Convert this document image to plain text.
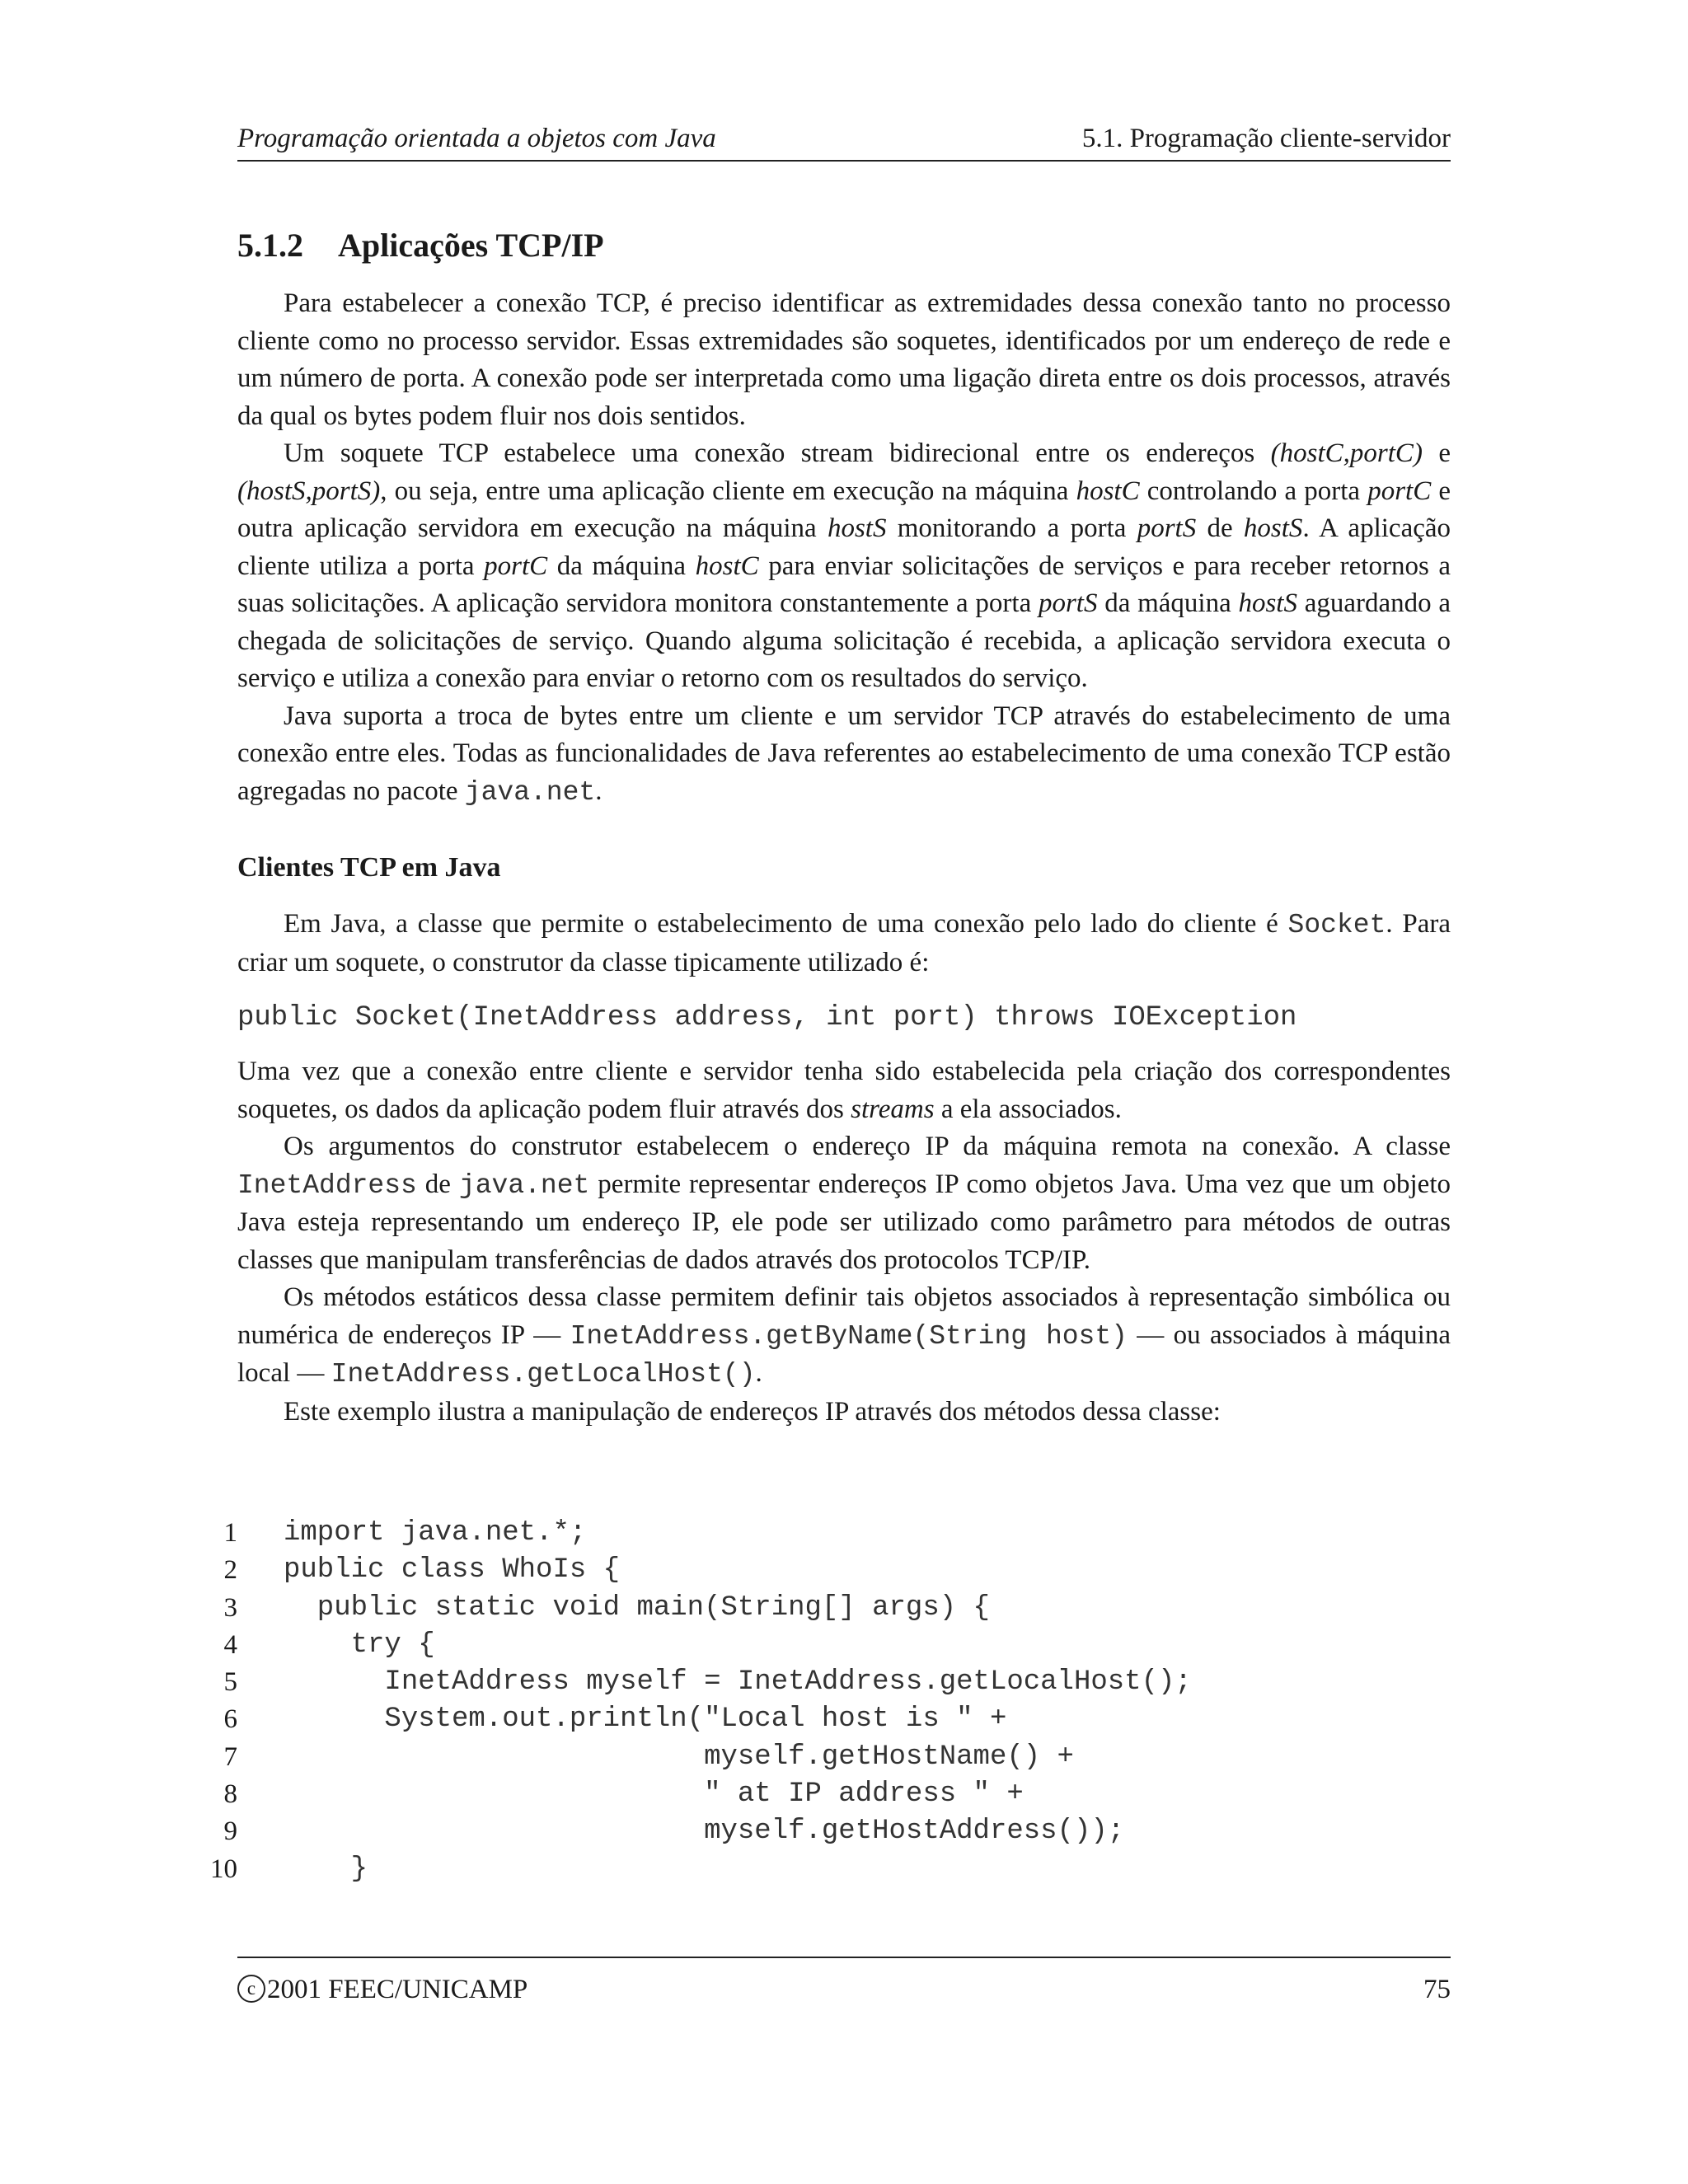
Programação orientada a objetos com Java	5.1. Programação cliente-servidor
5.1.2 Aplicações TCP/IP

Para estabelecer a conexão TCP, é preciso identificar as extremidades dessa conexão tanto no processo cliente como no processo servidor. Essas extremidades são soquetes, identificados por um endereço de rede e um número de porta. A conexão pode ser interpretada como uma ligação direta entre os dois processos, através da qual os bytes podem fluir nos dois sentidos.

Um soquete TCP estabelece uma conexão stream bidirecional entre os endereços (hostC,portC) e (hostS,portS), ou seja, entre uma aplicação cliente em execução na máquina hostC controlando a porta portC e outra aplicação servidora em execução na máquina hostS monitorando a porta portS de hostS. A aplicação cliente utiliza a porta portC da máquina hostC para enviar solicitações de serviços e para receber retornos a suas solicitações. A aplicação servidora monitora constantemente a porta portS da máquina hostS aguardando a chegada de solicitações de serviço. Quando alguma solicitação é recebida, a aplicação servidora executa o serviço e utiliza a conexão para enviar o retorno com os resultados do serviço.

Java suporta a troca de bytes entre um cliente e um servidor TCP através do estabelecimento de uma conexão entre eles. Todas as funcionalidades de Java referentes ao estabelecimento de uma conexão TCP estão agregadas no pacote java.net.

Clientes TCP em Java

Em Java, a classe que permite o estabelecimento de uma conexão pelo lado do cliente é Socket. Para criar um soquete, o construtor da classe tipicamente utilizado é:

public Socket(InetAddress address, int port) throws IOException

Uma vez que a conexão entre cliente e servidor tenha sido estabelecida pela criação dos correspondentes soquetes, os dados da aplicação podem fluir através dos streams a ela associados.

Os argumentos do construtor estabelecem o endereço IP da máquina remota na conexão. A classe InetAddress de java.net permite representar endereços IP como objetos Java. Uma vez que um objeto Java esteja representando um endereço IP, ele pode ser utilizado como parâmetro para métodos de outras classes que manipulam transferências de dados através dos protocolos TCP/IP.

Os métodos estáticos dessa classe permitem definir tais objetos associados à representação simbólica ou numérica de endereços IP — InetAddress.getByName(String host) — ou associados à máquina local — InetAddress.getLocalHost().

Este exemplo ilustra a manipulação de endereços IP através dos métodos dessa classe:

1 import java.net.*;
2 public class WhoIs {
3 public static void main(String[] args) {
4 try {
5 InetAddress myself = InetAddress.getLocalHost();
6 System.out.println("Local host is " +
7 myself.getHostName() +
8 " at IP address " +
9 myself.getHostAddress());
10 }
c 2001 FEEC/UNICAMP	75
